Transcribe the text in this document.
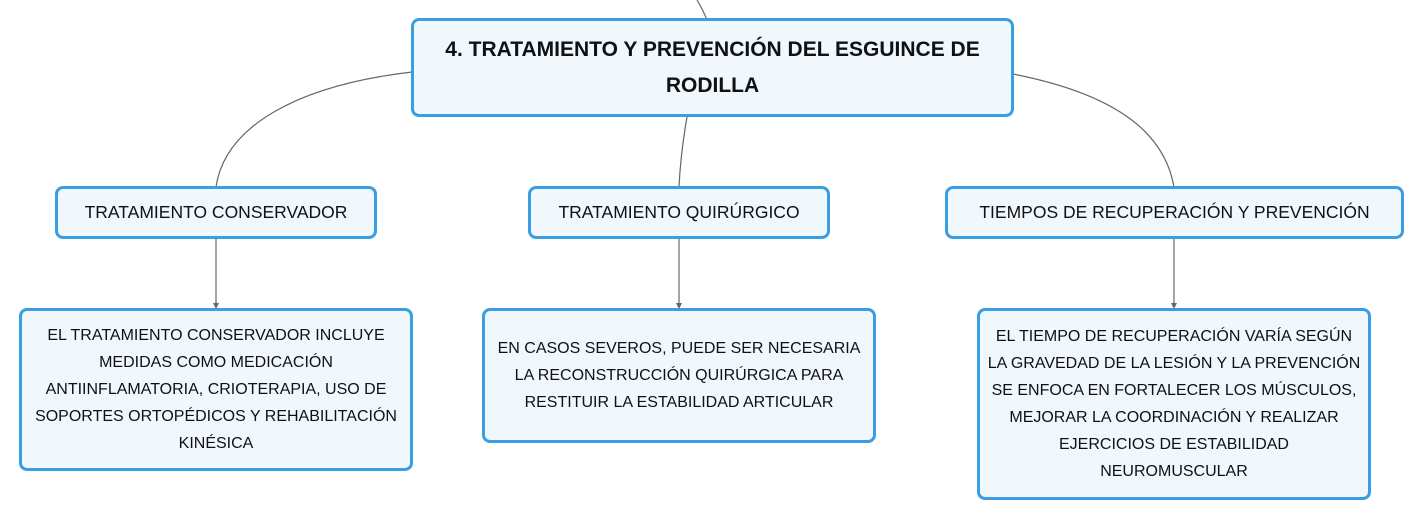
4. TRATAMIENTO Y PREVENCIÓN DEL ESGUINCE DE RODILLA
TRATAMIENTO CONSERVADOR	TRATAMIENTO QUIRÚRGICO	TIEMPOS DE RECUPERACIÓN Y PREVENCIÓN
EL TRATAMIENTO CONSERVADOR INCLUYE MEDIDAS COMO MEDICACIÓN ANTIINFLAMATORIA, CRIOTERAPIA, USO DE SOPORTES ORTOPÉDICOS Y REHABILITACIÓN KINÉSICA
EN CASOS SEVEROS, PUEDE SER NECESARIA LA RECONSTRUCCIÓN QUIRÚRGICA PARA RESTITUIR LA ESTABILIDAD ARTICULAR
EL TIEMPO DE RECUPERACIÓN VARÍA SEGÚN LA GRAVEDAD DE LA LESIÓN Y LA PREVENCIÓN SE ENFOCA EN FORTALECER LOS MÚSCULOS, MEJORAR LA COORDINACIÓN Y REALIZAR EJERCICIOS DE ESTABILIDAD NEUROMUSCULAR
